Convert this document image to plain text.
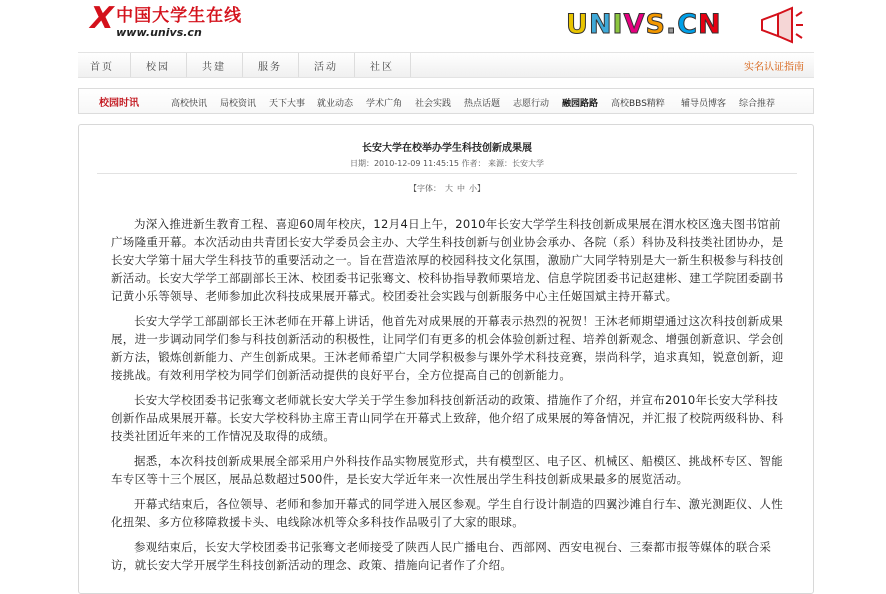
X 中国大学生在线
www.univs.cn	U N I V S . C N
首页	校园	共建	服务	活动	社区	实名认证指南
校园时讯	高校快讯 局校资讯 天下大事 就业动态 学术广角 社会实践 热点话题 志愿行动 融园路路 高校BBS精粹 辅导员博客 综合推荐
长安大学在校举办学生科技创新成果展
日期：2010-12-09 11:45:15 作者： 来源：长安大学
【字体： 大 中 小】

为深入推进新生教育工程、喜迎60周年校庆，12月4日上午，2010年长安大学学生科技创新成果展在渭水校区逸夫图书馆前广场隆重开幕。本次活动由共青团长安大学委员会主办、大学生科技创新与创业协会承办、各院（系）科协及科技类社团协办，是长安大学第十届大学生科技节的重要活动之一。旨在营造浓厚的校园科技文化氛围，激励广大同学特别是大一新生积极参与科技创新活动。长安大学学工部副部长王沐、校团委书记张骞文、校科协指导教师栗培龙、信息学院团委书记赵建彬、建工学院团委副书记黄小乐等领导、老师参加此次科技成果展开幕式。校团委社会实践与创新服务中心主任姬国斌主持开幕式。

长安大学学工部副部长王沐老师在开幕上讲话，他首先对成果展的开幕表示热烈的祝贺！王沐老师期望通过这次科技创新成果展，进一步调动同学们参与科技创新活动的积极性，让同学们有更多的机会体验创新过程、培养创新观念、增强创新意识、学会创新方法，锻炼创新能力、产生创新成果。王沐老师希望广大同学积极参与课外学术科技竞赛，崇尚科学，追求真知，锐意创新，迎接挑战。有效利用学校为同学们创新活动提供的良好平台，全方位提高自己的创新能力。

长安大学校团委书记张骞文老师就长安大学关于学生参加科技创新活动的政策、措施作了介绍，并宣布2010年长安大学科技创新作品成果展开幕。长安大学校科协主席王青山同学在开幕式上致辞，他介绍了成果展的筹备情况，并汇报了校院两级科协、科技类社团近年来的工作情况及取得的成绩。

据悉，本次科技创新成果展全部采用户外科技作品实物展览形式，共有模型区、电子区、机械区、船模区、挑战杯专区、智能车专区等十三个展区，展品总数超过500件，是长安大学近年来一次性展出学生科技创新成果最多的展览活动。

开幕式结束后，各位领导、老师和参加开幕式的同学进入展区参观。学生自行设计制造的四翼沙滩自行车、激光测距仪、人性化扭架、多方位移障救援卡头、电线除冰机等众多科技作品吸引了大家的眼球。

参观结束后，长安大学校团委书记张骞文老师接受了陕西人民广播电台、西部网、西安电视台、三秦都市报等媒体的联合采访，就长安大学开展学生科技创新活动的理念、政策、措施向记者作了介绍。
